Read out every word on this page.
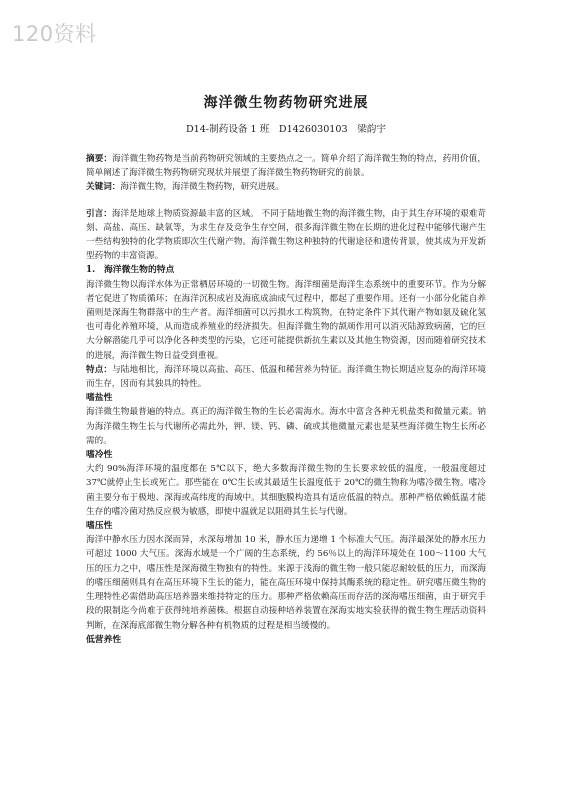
120资料
海洋微生物药物研究进展
D14-制药设备 1 班　D1426030103　梁韵宇

摘要：海洋微生物药物是当前药物研究领域的主要热点之一。简单介绍了海洋微生物的特点，药用价值，简单阐述了海洋微生物药物研究现状并展望了海洋微生物药物研究的前景。

关键词：海洋微生物，海洋微生物药物，研究进展。

引言：海洋是地球上物质资源最丰富的区域。 不同于陆地微生物的海洋微生物，由于其生存环境的艰难苛刻、高盐、高压、缺氧等，为求生存及竞争生存空间，很多海洋微生物在长期的进化过程中能够代谢产生一些结构独特的化学物质即次生代谢产物。海洋微生物这种独特的代谢途径和遗传背景，使其成为开发新型药物的丰富资源。

1.　海洋微生物的特点

海洋微生物以海洋水体为正常栖居环境的一切微生物。海洋细菌是海洋生态系统中的重要环节。作为分解者它促进了物质循环；在海洋沉积成岩及海底成油成气过程中，都起了重要作用。还有一小部分化能自养菌则是深海生物群落中的生产者。海洋细菌可以污损水工构筑物，在特定条件下其代谢产物如氨及硫化氢也可毒化养殖环境，从而造成养殖业的经济损失。但海洋微生物的颉颃作用可以消灭陆源致病菌，它的巨大分解潜能几乎可以净化各种类型的污染，它还可能提供新抗生素以及其他生物资源，因而随着研究技术的进展，海洋微生物日益受到重视。

特点：与陆地相比，海洋环境以高盐、高压、低温和稀营养为特征。海洋微生物长期适应复杂的海洋环境而生存，因而有其独具的特性。

嗜盐性

海洋微生物最普遍的特点。真正的海洋微生物的生长必需海水。海水中富含各种无机盐类和微量元素。钠为海洋微生物生长与代谢所必需此外，钾、镁、钙、磷、硫或其他微量元素也是某些海洋微生物生长所必需的。

嗜冷性

大约 90%海洋环境的温度都在 5℃以下，绝大多数海洋微生物的生长要求较低的温度，一般温度超过 37℃就停止生长或死亡。那些能在 0℃生长或其最适生长温度低于 20℃的微生物称为嗜冷微生物。嗜冷菌主要分布于极地、深海或高纬度的海域中。其细胞膜构造具有适应低温的特点。那种严格依赖低温才能生存的嗜冷菌对热反应极为敏感，即使中温就足以阻碍其生长与代谢。

嗜压性

海洋中静水压力因水深而异，水深每增加 10 米，静水压力递增 1 个标准大气压。海洋最深处的静水压力可超过 1000 大气压。深海水域是一个广阔的生态系统，约 56％以上的海洋环境处在 100～1100 大气压的压力之中，嗜压性是深海微生物独有的特性。来源于浅海的微生物一般只能忍耐较低的压力，而深海的嗜压细菌则具有在高压环境下生长的能力，能在高压环境中保持其酶系统的稳定性。研究嗜压微生物的生理特性必需借助高压培养器来维持特定的压力。那种严格依赖高压而存活的深海嗜压细菌，由于研究手段的限制迄今尚难于获得纯培养菌株。根据自动接种培养装置在深海实地实验获得的微生物生理活动资料判断，在深海底部微生物分解各种有机物质的过程是相当缓慢的。

低营养性
